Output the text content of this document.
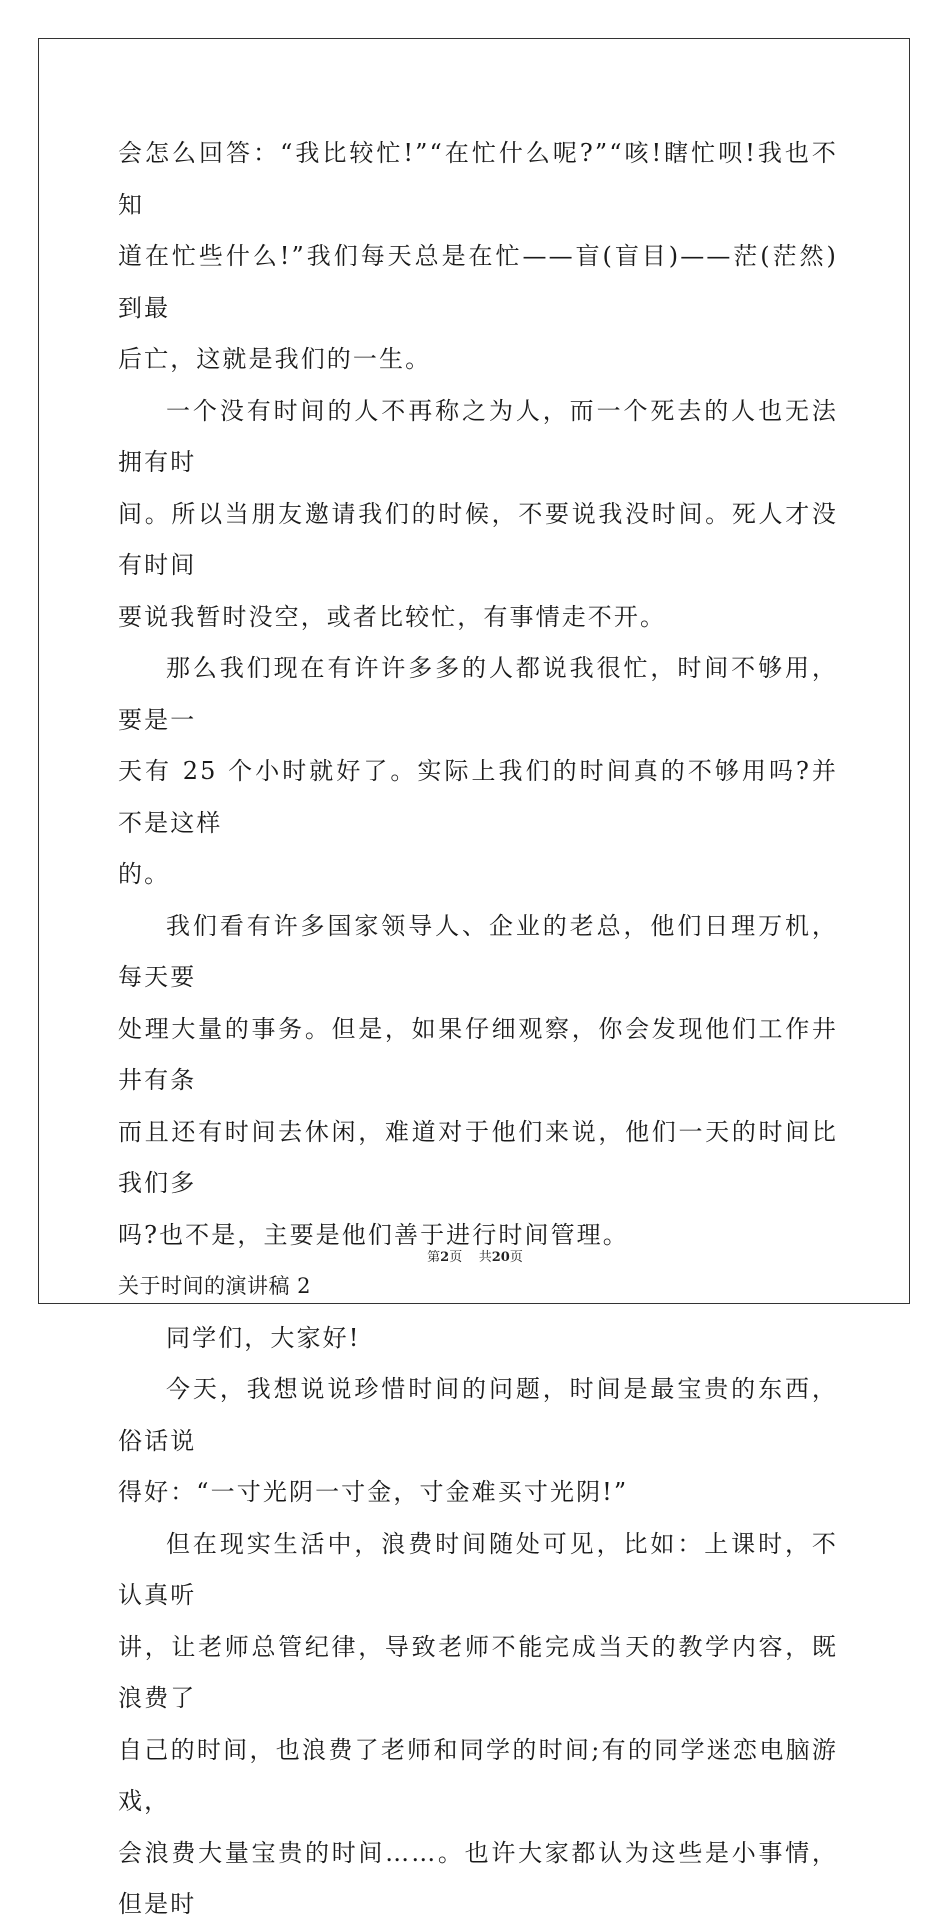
会怎么回答：“我比较忙!”“在忙什么呢?”“咳!瞎忙呗!我也不知
道在忙些什么!”我们每天总是在忙——盲(盲目)——茫(茫然)到最
后亡，这就是我们的一生。

一个没有时间的人不再称之为人，而一个死去的人也无法拥有时
间。所以当朋友邀请我们的时候，不要说我没时间。死人才没有时间
要说我暂时没空，或者比较忙，有事情走不开。

那么我们现在有许许多多的人都说我很忙，时间不够用，要是一
天有 25 个小时就好了。实际上我们的时间真的不够用吗?并不是这样
的。

我们看有许多国家领导人、企业的老总，他们日理万机，每天要
处理大量的事务。但是，如果仔细观察，你会发现他们工作井井有条
而且还有时间去休闲，难道对于他们来说，他们一天的时间比我们多
吗?也不是，主要是他们善于进行时间管理。

关于时间的演讲稿 2

同学们，大家好!

今天，我想说说珍惜时间的问题，时间是最宝贵的东西，俗话说
得好：“一寸光阴一寸金，寸金难买寸光阴!”

但在现实生活中，浪费时间随处可见，比如：上课时，不认真听
讲，让老师总管纪律，导致老师不能完成当天的教学内容，既浪费了
自己的时间，也浪费了老师和同学的时间;有的同学迷恋电脑游戏，
会浪费大量宝贵的时间……。也许大家都认为这些是小事情，但是时

第2页 共20页
